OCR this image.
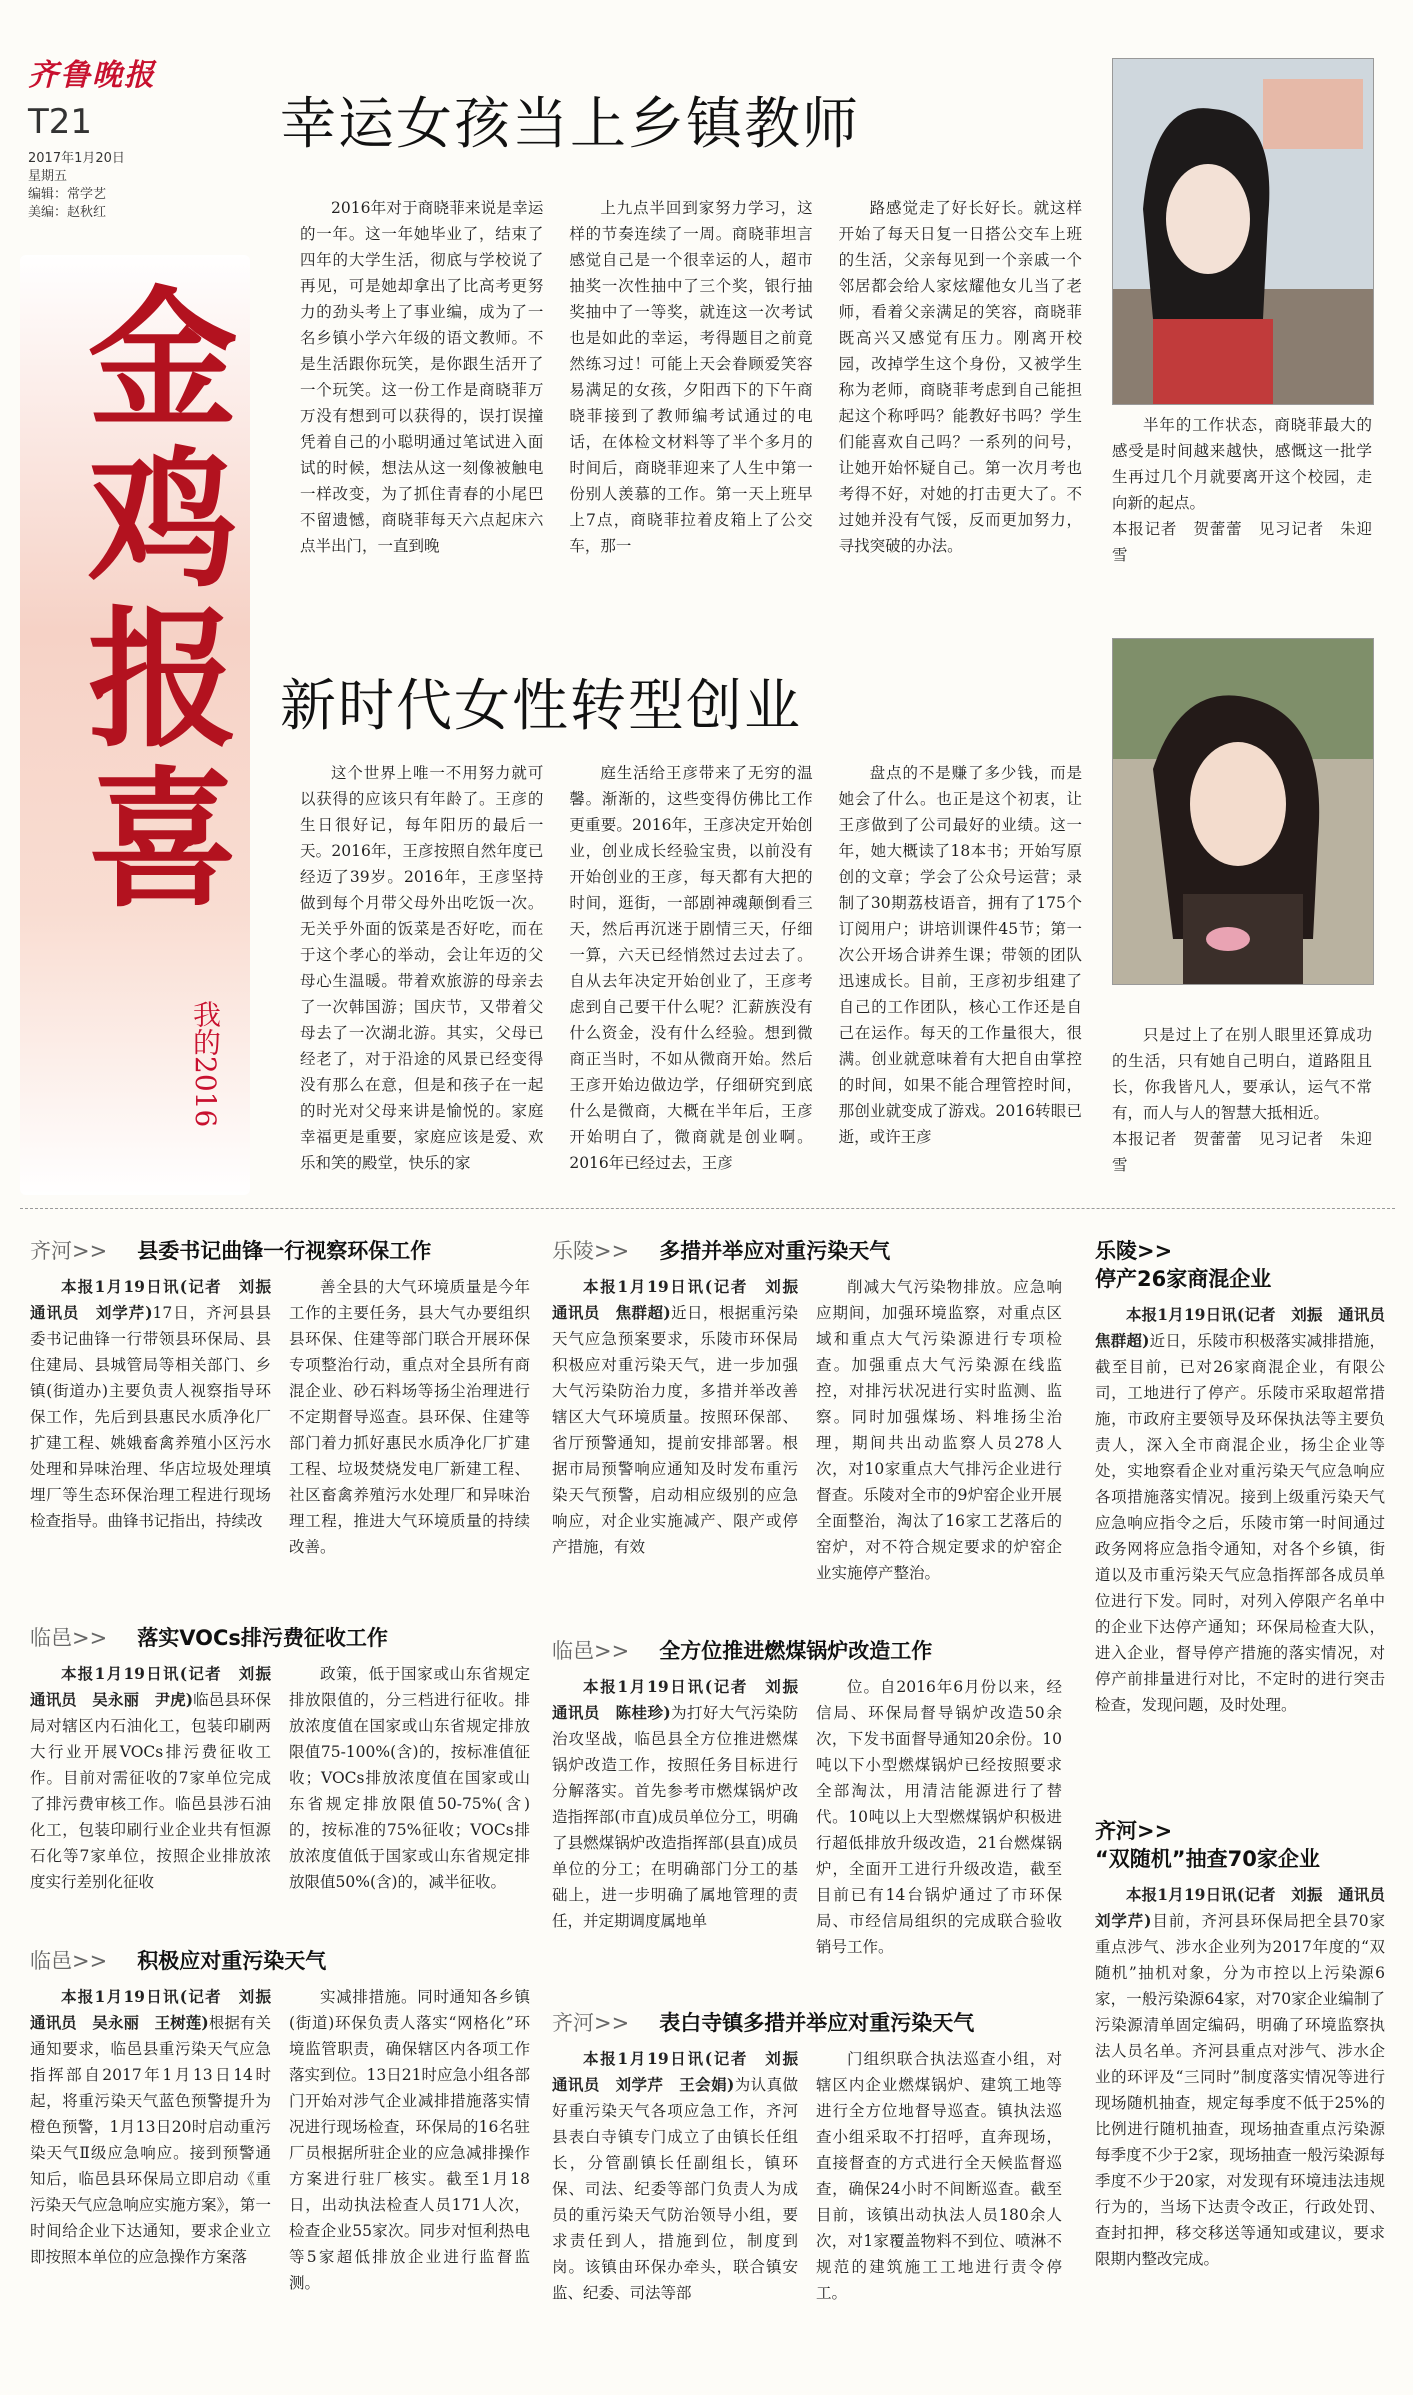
齐鲁晚报
T21
2017年1月20日
星期五
编辑：常学艺
美编：赵秋红
金鸡报喜
我的2016
幸运女孩当上乡镇教师

2016年对于商晓菲来说是幸运的一年。这一年她毕业了，结束了四年的大学生活，彻底与学校说了再见，可是她却拿出了比高考更努力的劲头考上了事业编，成为了一名乡镇小学六年级的语文教师。不是生活跟你玩笑，是你跟生活开了一个玩笑。这一份工作是商晓菲万万没有想到可以获得的，误打误撞凭着自己的小聪明通过笔试进入面试的时候，想法从这一刻像被触电一样改变，为了抓住青春的小尾巴不留遗憾，商晓菲每天六点起床六点半出门，一直到晚

上九点半回到家努力学习，这样的节奏连续了一周。商晓菲坦言感觉自己是一个很幸运的人，超市抽奖一次性抽中了三个奖，银行抽奖抽中了一等奖，就连这一次考试也是如此的幸运，考得题目之前竟然练习过！可能上天会眷顾爱笑容易满足的女孩，夕阳西下的下午商晓菲接到了教师编考试通过的电话，在体检文材料等了半个多月的时间后，商晓菲迎来了人生中第一份别人羡慕的工作。第一天上班早上7点，商晓菲拉着皮箱上了公交车，那一

路感觉走了好长好长。就这样开始了每天日复一日搭公交车上班的生活，父亲每见到一个亲戚一个邻居都会给人家炫耀他女儿当了老师，看着父亲满足的笑容，商晓菲既高兴又感觉有压力。刚离开校园，改掉学生这个身份，又被学生称为老师，商晓菲考虑到自己能担起这个称呼吗？能教好书吗？学生们能喜欢自己吗？一系列的问号，让她开始怀疑自己。第一次月考也考得不好，对她的打击更大了。不过她并没有气馁，反而更加努力，寻找突破的办法。

半年的工作状态，商晓菲最大的感受是时间越来越快，感慨这一批学生再过几个月就要离开这个校园，走向新的起点。

本报记者　贺蕾蕾　见习记者　朱迎雪
新时代女性转型创业

这个世界上唯一不用努力就可以获得的应该只有年龄了。王彦的生日很好记，每年阳历的最后一天。2016年，王彦按照自然年度已经迈了39岁。2016年，王彦坚持做到每个月带父母外出吃饭一次。无关乎外面的饭菜是否好吃，而在于这个孝心的举动，会让年迈的父母心生温暖。带着欢旅游的母亲去了一次韩国游；国庆节，又带着父母去了一次湖北游。其实，父母已经老了，对于沿途的风景已经变得没有那么在意，但是和孩子在一起的时光对父母来讲是愉悦的。家庭幸福更是重要，家庭应该是爱、欢乐和笑的殿堂，快乐的家

庭生活给王彦带来了无穷的温馨。渐渐的，这些变得仿佛比工作更重要。2016年，王彦决定开始创业，创业成长经验宝贵，以前没有开始创业的王彦，每天都有大把的时间，逛街，一部剧神魂颠倒看三天，然后再沉迷于剧情三天，仔细一算，六天已经悄然过去过去了。自从去年决定开始创业了，王彦考虑到自己要干什么呢？汇薪族没有什么资金，没有什么经验。想到微商正当时，不如从微商开始。然后王彦开始边做边学，仔细研究到底什么是微商，大概在半年后，王彦开始明白了，微商就是创业啊。2016年已经过去，王彦

盘点的不是赚了多少钱，而是她会了什么。也正是这个初衷，让王彦做到了公司最好的业绩。这一年，她大概读了18本书；开始写原创的文章；学会了公众号运营；录制了30期荔枝语音，拥有了175个订阅用户；讲培训课件45节；第一次公开场合讲养生课；带领的团队迅速成长。目前，王彦初步组建了自己的工作团队，核心工作还是自己在运作。每天的工作量很大，很满。创业就意味着有大把自由掌控的时间，如果不能合理管控时间，那创业就变成了游戏。2016转眼已逝，或许王彦

只是过上了在别人眼里还算成功的生活，只有她自己明白，道路阻且长，你我皆凡人，要承认，运气不常有，而人与人的智慧大抵相近。

本报记者　贺蕾蕾　见习记者　朱迎雪
齐河>> 县委书记曲锋一行视察环保工作

本报1月19日讯(记者　刘振　通讯员　刘学芹)17日，齐河县县委书记曲锋一行带领县环保局、县住建局、县城管局等相关部门、乡镇(街道办)主要负责人视察指导环保工作，先后到县惠民水质净化厂扩建工程、姚娥畜禽养殖小区污水处理和异味治理、华店垃圾处理填埋厂等生态环保治理工程进行现场检查指导。曲锋书记指出，持续改

善全县的大气环境质量是今年工作的主要任务，县大气办要组织县环保、住建等部门联合开展环保专项整治行动，重点对全县所有商混企业、砂石料场等扬尘治理进行不定期督导巡查。县环保、住建等部门着力抓好惠民水质净化厂扩建工程、垃圾焚烧发电厂新建工程、社区畜禽养殖污水处理厂和异味治理工程，推进大气环境质量的持续改善。

临邑>> 落实VOCs排污费征收工作

本报1月19日讯(记者　刘振　通讯员　吴永丽　尹虎)临邑县环保局对辖区内石油化工，包装印刷两大行业开展VOCs排污费征收工作。目前对需征收的7家单位完成了排污费审核工作。临邑县涉石油化工，包装印刷行业企业共有恒源石化等7家单位，按照企业排放浓度实行差别化征收

政策，低于国家或山东省规定排放限值的，分三档进行征收。排放浓度值在国家或山东省规定排放限值75-100%(含)的，按标准值征收；VOCs排放浓度值在国家或山东省规定排放限值50-75%(含)的，按标准的75%征收；VOCs排放浓度值低于国家或山东省规定排放限值50%(含)的，减半征收。

临邑>> 积极应对重污染天气

本报1月19日讯(记者　刘振　通讯员　吴永丽　王树莲)根据有关通知要求，临邑县重污染天气应急指挥部自2017年1月13日14时起，将重污染天气蓝色预警提升为橙色预警，1月13日20时启动重污染天气Ⅱ级应急响应。接到预警通知后，临邑县环保局立即启动《重污染天气应急响应实施方案》，第一时间给企业下达通知，要求企业立即按照本单位的应急操作方案落

实减排措施。同时通知各乡镇(街道)环保负责人落实“网格化”环境监管职责，确保辖区内各项工作落实到位。13日21时应急小组各部门开始对涉气企业减排措施落实情况进行现场检查，环保局的16名驻厂员根据所驻企业的应急减排操作方案进行驻厂核实。截至1月18日，出动执法检查人员171人次，检查企业55家次。同步对恒利热电等5家超低排放企业进行监督监测。

乐陵>> 多措并举应对重污染天气

本报1月19日讯(记者　刘振　通讯员　焦群超)近日，根据重污染天气应急预案要求，乐陵市环保局积极应对重污染天气，进一步加强大气污染防治力度，多措并举改善辖区大气环境质量。按照环保部、省厅预警通知，提前安排部署。根据市局预警响应通知及时发布重污染天气预警，启动相应级别的应急响应，对企业实施减产、限产或停产措施，有效

削减大气污染物排放。应急响应期间，加强环境监察，对重点区域和重点大气污染源进行专项检查。加强重点大气污染源在线监控，对排污状况进行实时监测、监察。同时加强煤场、料堆扬尘治理，期间共出动监察人员278人次，对10家重点大气排污企业进行督查。乐陵对全市的9炉窑企业开展全面整治，淘汰了16家工艺落后的窑炉，对不符合规定要求的炉窑企业实施停产整治。

临邑>> 全方位推进燃煤锅炉改造工作

本报1月19日讯(记者　刘振　通讯员　陈桂珍)为打好大气污染防治攻坚战，临邑县全方位推进燃煤锅炉改造工作，按照任务目标进行分解落实。首先参考市燃煤锅炉改造指挥部(市直)成员单位分工，明确了县燃煤锅炉改造指挥部(县直)成员单位的分工；在明确部门分工的基础上，进一步明确了属地管理的责任，并定期调度属地单

位。自2016年6月份以来，经信局、环保局督导锅炉改造50余次，下发书面督导通知20余份。10吨以下小型燃煤锅炉已经按照要求全部淘汰，用清洁能源进行了替代。10吨以上大型燃煤锅炉积极进行超低排放升级改造，21台燃煤锅炉，全面开工进行升级改造，截至目前已有14台锅炉通过了市环保局、市经信局组织的完成联合验收销号工作。

齐河>> 表白寺镇多措并举应对重污染天气

本报1月19日讯(记者　刘振　通讯员　刘学芹　王会娟)为认真做好重污染天气各项应急工作，齐河县表白寺镇专门成立了由镇长任组长，分管副镇长任副组长，镇环保、司法、纪委等部门负责人为成员的重污染天气防治领导小组，要求责任到人，措施到位，制度到岗。该镇由环保办牵头，联合镇安监、纪委、司法等部

门组织联合执法巡查小组，对辖区内企业燃煤锅炉、建筑工地等进行全方位地督导巡查。镇执法巡查小组采取不打招呼，直奔现场，直接督查的方式进行全天候监督巡查，确保24小时不间断巡查。截至目前，该镇出动执法人员180余人次，对1家覆盖物料不到位、喷淋不规范的建筑施工工地进行责令停工。

乐陵>>
停产26家商混企业

本报1月19日讯(记者　刘振　通讯员　焦群超)近日，乐陵市积极落实减排措施，截至目前，已对26家商混企业，有限公司，工地进行了停产。乐陵市采取超常措施，市政府主要领导及环保执法等主要负责人，深入全市商混企业，扬尘企业等处，实地察看企业对重污染天气应急响应各项措施落实情况。接到上级重污染天气应急响应指令之后，乐陵市第一时间通过政务网将应急指令通知，对各个乡镇，街道以及市重污染天气应急指挥部各成员单位进行下发。同时，对列入停限产名单中的企业下达停产通知；环保局检查大队，进入企业，督导停产措施的落实情况，对停产前排量进行对比，不定时的进行突击检查，发现问题，及时处理。

齐河>>
“双随机”抽查70家企业

本报1月19日讯(记者　刘振　通讯员　刘学芹)目前，齐河县环保局把全县70家重点涉气、涉水企业列为2017年度的“双随机”抽机对象，分为市控以上污染源6家，一般污染源64家，对70家企业编制了污染源清单固定编码，明确了环境监察执法人员名单。齐河县重点对涉气、涉水企业的环评及“三同时”制度落实情况等进行现场随机抽查，规定每季度不低于25%的比例进行随机抽查，现场抽查重点污染源每季度不少于2家，现场抽查一般污染源每季度不少于20家，对发现有环境违法违规行为的，当场下达责令改正，行政处罚、查封扣押，移交移送等通知或建议，要求限期内整改完成。
